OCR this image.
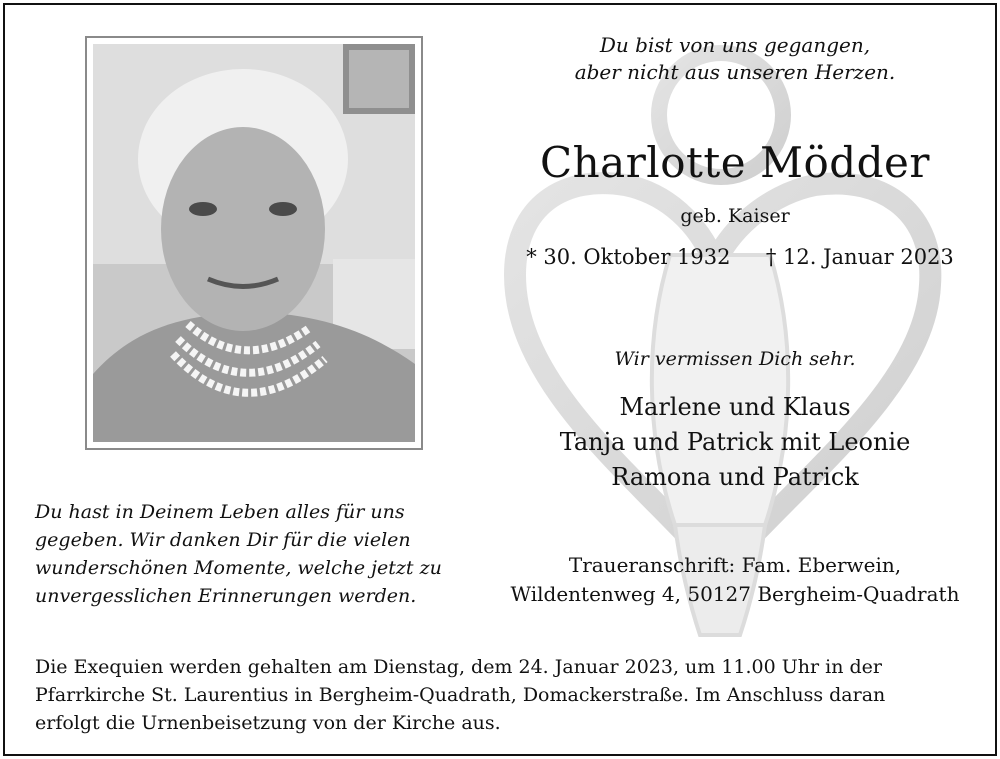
Du bist von uns gegangen,
aber nicht aus unseren Herzen.
Charlotte Mödder
geb. Kaiser
* 30. Oktober 1932 † 12. Januar 2023
Wir vermissen Dich sehr.
Marlene und Klaus
Tanja und Patrick mit Leonie
Ramona und Patrick
Traueranschrift: Fam. Eberwein,
Wildentenweg 4, 50127 Bergheim-Quadrath
Du hast in Deinem Leben alles für uns
gegeben. Wir danken Dir für die vielen
wunderschönen Momente, welche jetzt zu
unvergesslichen Erinnerungen werden.
Die Exequien werden gehalten am Dienstag, dem 24. Januar 2023, um 11.00 Uhr in der
Pfarrkirche St. Laurentius in Bergheim-Quadrath, Domackerstraße. Im Anschluss daran
erfolgt die Urnenbeisetzung von der Kirche aus.
